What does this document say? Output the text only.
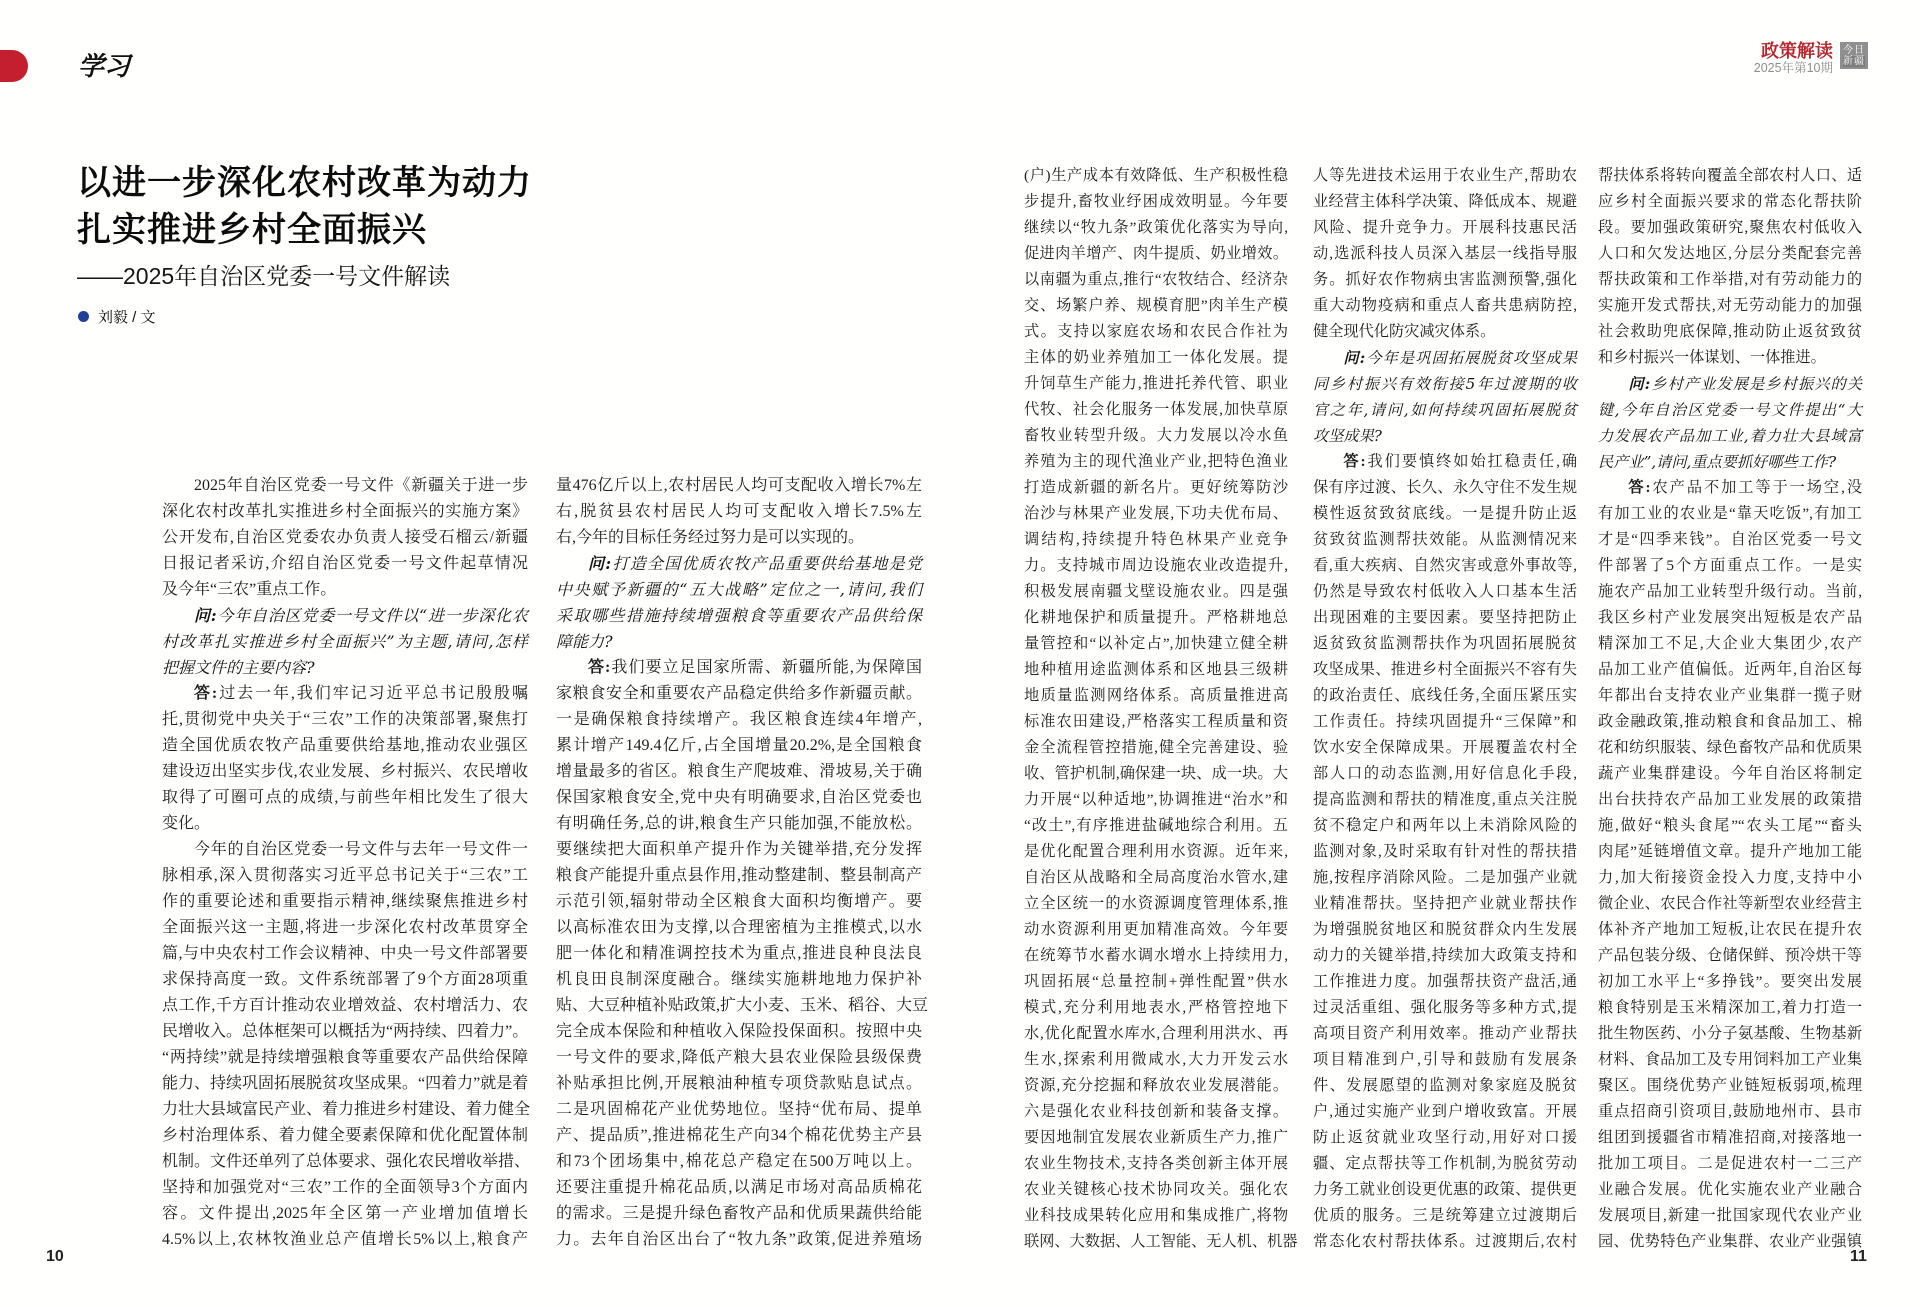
学习
政策解读
2025年第10期
今日
新疆
以进一步深化农村改革为动力
扎实推进乡村全面振兴
——2025年自治区党委一号文件解读
刘毅 / 文
2025年自治区党委一号文件《新疆关于进一步
深化农村改革扎实推进乡村全面振兴的实施方案》
公开发布,自治区党委农办负责人接受石榴云/新疆
日报记者采访,介绍自治区党委一号文件起草情况
及今年“三农”重点工作。
问:今年自治区党委一号文件以“进一步深化农
村改革扎实推进乡村全面振兴”为主题,请问,怎样
把握文件的主要内容?
答:过去一年,我们牢记习近平总书记殷殷嘱
托,贯彻党中央关于“三农”工作的决策部署,聚焦打
造全国优质农牧产品重要供给基地,推动农业强区
建设迈出坚实步伐,农业发展、乡村振兴、农民增收
取得了可圈可点的成绩,与前些年相比发生了很大
变化。
今年的自治区党委一号文件与去年一号文件一
脉相承,深入贯彻落实习近平总书记关于“三农”工
作的重要论述和重要指示精神,继续聚焦推进乡村
全面振兴这一主题,将进一步深化农村改革贯穿全
篇,与中央农村工作会议精神、中央一号文件部署要
求保持高度一致。文件系统部署了9个方面28项重
点工作,千方百计推动农业增效益、农村增活力、农
民增收入。总体框架可以概括为“两持续、四着力”。
“两持续”就是持续增强粮食等重要农产品供给保障
能力、持续巩固拓展脱贫攻坚成果。“四着力”就是着
力壮大县域富民产业、着力推进乡村建设、着力健全
乡村治理体系、着力健全要素保障和优化配置体制
机制。文件还单列了总体要求、强化农民增收举措、
坚持和加强党对“三农”工作的全面领导3个方面内
容。文件提出,2025年全区第一产业增加值增长
4.5%以上,农林牧渔业总产值增长5%以上,粮食产
量476亿斤以上,农村居民人均可支配收入增长7%左
右,脱贫县农村居民人均可支配收入增长7.5%左
右,今年的目标任务经过努力是可以实现的。
问:打造全国优质农牧产品重要供给基地是党
中央赋予新疆的“五大战略”定位之一,请问,我们
采取哪些措施持续增强粮食等重要农产品供给保
障能力?
答:我们要立足国家所需、新疆所能,为保障国
家粮食安全和重要农产品稳定供给多作新疆贡献。
一是确保粮食持续增产。我区粮食连续4年增产,
累计增产149.4亿斤,占全国增量20.2%,是全国粮食
增量最多的省区。粮食生产爬坡难、滑坡易,关于确
保国家粮食安全,党中央有明确要求,自治区党委也
有明确任务,总的讲,粮食生产只能加强,不能放松。
要继续把大面积单产提升作为关键举措,充分发挥
粮食产能提升重点县作用,推动整建制、整县制高产
示范引领,辐射带动全区粮食大面积均衡增产。要
以高标准农田为支撑,以合理密植为主推模式,以水
肥一体化和精准调控技术为重点,推进良种良法良
机良田良制深度融合。继续实施耕地地力保护补
贴、大豆种植补贴政策,扩大小麦、玉米、稻谷、大豆
完全成本保险和种植收入保险投保面积。按照中央
一号文件的要求,降低产粮大县农业保险县级保费
补贴承担比例,开展粮油种植专项贷款贴息试点。
二是巩固棉花产业优势地位。坚持“优布局、提单
产、提品质”,推进棉花生产向34个棉花优势主产县
和73个团场集中,棉花总产稳定在500万吨以上。
还要注重提升棉花品质,以满足市场对高品质棉花
的需求。三是提升绿色畜牧产品和优质果蔬供给能
力。去年自治区出台了“牧九条”政策,促进养殖场
(户)生产成本有效降低、生产积极性稳
步提升,畜牧业纾困成效明显。今年要
继续以“牧九条”政策优化落实为导向,
促进肉羊增产、肉牛提质、奶业增效。
以南疆为重点,推行“农牧结合、经济杂
交、场繁户养、规模育肥”肉羊生产模
式。支持以家庭农场和农民合作社为
主体的奶业养殖加工一体化发展。提
升饲草生产能力,推进托养代管、职业
代牧、社会化服务一体发展,加快草原
畜牧业转型升级。大力发展以冷水鱼
养殖为主的现代渔业产业,把特色渔业
打造成新疆的新名片。更好统筹防沙
治沙与林果产业发展,下功夫优布局、
调结构,持续提升特色林果产业竞争
力。支持城市周边设施农业改造提升,
积极发展南疆戈壁设施农业。四是强
化耕地保护和质量提升。严格耕地总
量管控和“以补定占”,加快建立健全耕
地种植用途监测体系和区地县三级耕
地质量监测网络体系。高质量推进高
标准农田建设,严格落实工程质量和资
金全流程管控措施,健全完善建设、验
收、管护机制,确保建一块、成一块。大
力开展“以种适地”,协调推进“治水”和
“改土”,有序推进盐碱地综合利用。五
是优化配置合理利用水资源。近年来,
自治区从战略和全局高度治水管水,建
立全区统一的水资源调度管理体系,推
动水资源利用更加精准高效。今年要
在统筹节水蓄水调水增水上持续用力,
巩固拓展“总量控制+弹性配置”供水
模式,充分利用地表水,严格管控地下
水,优化配置水库水,合理利用洪水、再
生水,探索利用微咸水,大力开发云水
资源,充分挖掘和释放农业发展潜能。
六是强化农业科技创新和装备支撑。
要因地制宜发展农业新质生产力,推广
农业生物技术,支持各类创新主体开展
农业关键核心技术协同攻关。强化农
业科技成果转化应用和集成推广,将物
联网、大数据、人工智能、无人机、机器
人等先进技术运用于农业生产,帮助农
业经营主体科学决策、降低成本、规避
风险、提升竞争力。开展科技惠民活
动,选派科技人员深入基层一线指导服
务。抓好农作物病虫害监测预警,强化
重大动物疫病和重点人畜共患病防控,
健全现代化防灾减灾体系。
问:今年是巩固拓展脱贫攻坚成果
同乡村振兴有效衔接5年过渡期的收
官之年,请问,如何持续巩固拓展脱贫
攻坚成果?
答:我们要慎终如始扛稳责任,确
保有序过渡、长久、永久守住不发生规
模性返贫致贫底线。一是提升防止返
贫致贫监测帮扶效能。从监测情况来
看,重大疾病、自然灾害或意外事故等,
仍然是导致农村低收入人口基本生活
出现困难的主要因素。要坚持把防止
返贫致贫监测帮扶作为巩固拓展脱贫
攻坚成果、推进乡村全面振兴不容有失
的政治责任、底线任务,全面压紧压实
工作责任。持续巩固提升“三保障”和
饮水安全保障成果。开展覆盖农村全
部人口的动态监测,用好信息化手段,
提高监测和帮扶的精准度,重点关注脱
贫不稳定户和两年以上未消除风险的
监测对象,及时采取有针对性的帮扶措
施,按程序消除风险。二是加强产业就
业精准帮扶。坚持把产业就业帮扶作
为增强脱贫地区和脱贫群众内生发展
动力的关键举措,持续加大政策支持和
工作推进力度。加强帮扶资产盘活,通
过灵活重组、强化服务等多种方式,提
高项目资产利用效率。推动产业帮扶
项目精准到户,引导和鼓励有发展条
件、发展愿望的监测对象家庭及脱贫
户,通过实施产业到户增收致富。开展
防止返贫就业攻坚行动,用好对口援
疆、定点帮扶等工作机制,为脱贫劳动
力务工就业创设更优惠的政策、提供更
优质的服务。三是统筹建立过渡期后
常态化农村帮扶体系。过渡期后,农村
帮扶体系将转向覆盖全部农村人口、适
应乡村全面振兴要求的常态化帮扶阶
段。要加强政策研究,聚焦农村低收入
人口和欠发达地区,分层分类配套完善
帮扶政策和工作举措,对有劳动能力的
实施开发式帮扶,对无劳动能力的加强
社会救助兜底保障,推动防止返贫致贫
和乡村振兴一体谋划、一体推进。
问:乡村产业发展是乡村振兴的关
键,今年自治区党委一号文件提出“大
力发展农产品加工业,着力壮大县域富
民产业”,请问,重点要抓好哪些工作?
答:农产品不加工等于一场空,没
有加工业的农业是“靠天吃饭”,有加工
才是“四季来钱”。自治区党委一号文
件部署了5个方面重点工作。一是实
施农产品加工业转型升级行动。当前,
我区乡村产业发展突出短板是农产品
精深加工不足,大企业大集团少,农产
品加工业产值偏低。近两年,自治区每
年都出台支持农业产业集群一揽子财
政金融政策,推动粮食和食品加工、棉
花和纺织服装、绿色畜牧产品和优质果
蔬产业集群建设。今年自治区将制定
出台扶持农产品加工业发展的政策措
施,做好“粮头食尾”“农头工尾”“畜头
肉尾”延链增值文章。提升产地加工能
力,加大衔接资金投入力度,支持中小
微企业、农民合作社等新型农业经营主
体补齐产地加工短板,让农民在提升农
产品包装分级、仓储保鲜、预冷烘干等
初加工水平上“多挣钱”。要突出发展
粮食特别是玉米精深加工,着力打造一
批生物医药、小分子氨基酸、生物基新
材料、食品加工及专用饲料加工产业集
聚区。围绕优势产业链短板弱项,梳理
重点招商引资项目,鼓励地州市、县市
组团到援疆省市精准招商,对接落地一
批加工项目。二是促进农村一二三产
业融合发展。优化实施农业产业融合
发展项目,新建一批国家现代农业产业
园、优势特色产业集群、农业产业强镇
10	11
